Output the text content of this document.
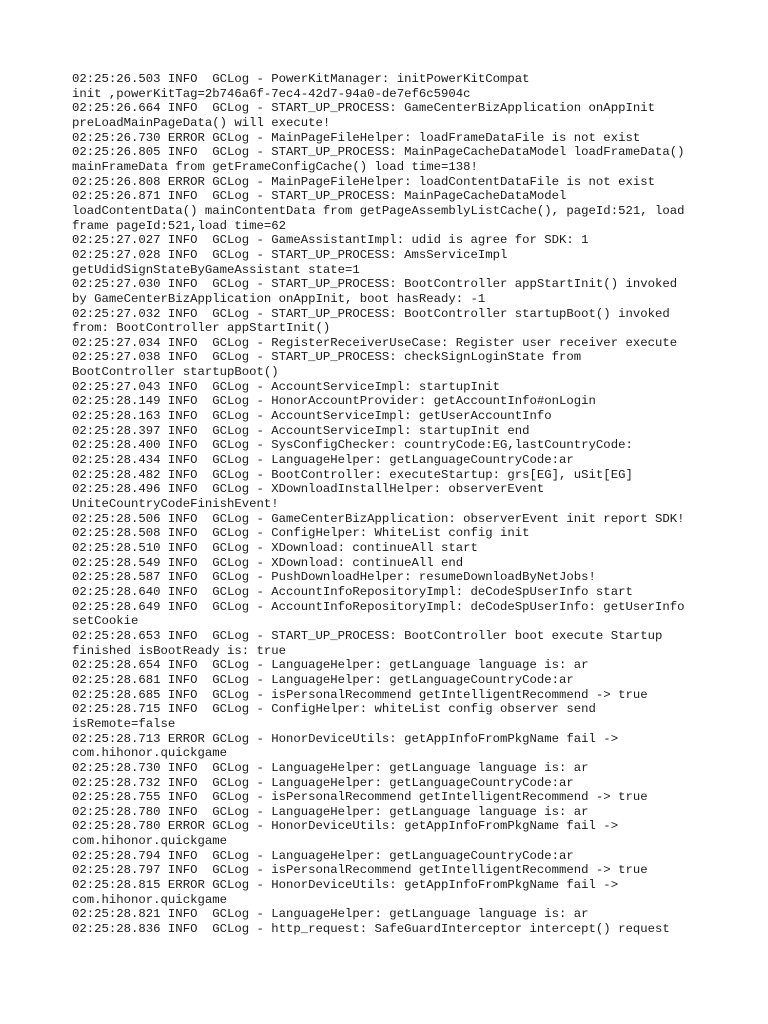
02:25:26.503 INFO  GCLog - PowerKitManager: initPowerKitCompat
init ,powerKitTag=2b746a6f-7ec4-42d7-94a0-de7ef6c5904c
02:25:26.664 INFO  GCLog - START_UP_PROCESS: GameCenterBizApplication onAppInit
preLoadMainPageData() will execute!
02:25:26.730 ERROR GCLog - MainPageFileHelper: loadFrameDataFile is not exist
02:25:26.805 INFO  GCLog - START_UP_PROCESS: MainPageCacheDataModel loadFrameData()
mainFrameData from getFrameConfigCache() load time=138!
02:25:26.808 ERROR GCLog - MainPageFileHelper: loadContentDataFile is not exist
02:25:26.871 INFO  GCLog - START_UP_PROCESS: MainPageCacheDataModel
loadContentData() mainContentData from getPageAssemblyListCache(), pageId:521, load
frame pageId:521,load time=62
02:25:27.027 INFO  GCLog - GameAssistantImpl: udid is agree for SDK: 1
02:25:27.028 INFO  GCLog - START_UP_PROCESS: AmsServiceImpl
getUdidSignStateByGameAssistant state=1
02:25:27.030 INFO  GCLog - START_UP_PROCESS: BootController appStartInit() invoked
by GameCenterBizApplication onAppInit, boot hasReady: -1
02:25:27.032 INFO  GCLog - START_UP_PROCESS: BootController startupBoot() invoked
from: BootController appStartInit()
02:25:27.034 INFO  GCLog - RegisterReceiverUseCase: Register user receiver execute
02:25:27.038 INFO  GCLog - START_UP_PROCESS: checkSignLoginState from
BootController startupBoot()
02:25:27.043 INFO  GCLog - AccountServiceImpl: startupInit
02:25:28.149 INFO  GCLog - HonorAccountProvider: getAccountInfo#onLogin
02:25:28.163 INFO  GCLog - AccountServiceImpl: getUserAccountInfo
02:25:28.397 INFO  GCLog - AccountServiceImpl: startupInit end
02:25:28.400 INFO  GCLog - SysConfigChecker: countryCode:EG,lastCountryCode:
02:25:28.434 INFO  GCLog - LanguageHelper: getLanguageCountryCode:ar
02:25:28.482 INFO  GCLog - BootController: executeStartup: grs[EG], uSit[EG]
02:25:28.496 INFO  GCLog - XDownloadInstallHelper: observerEvent
UniteCountryCodeFinishEvent!
02:25:28.506 INFO  GCLog - GameCenterBizApplication: observerEvent init report SDK!
02:25:28.508 INFO  GCLog - ConfigHelper: WhiteList config init
02:25:28.510 INFO  GCLog - XDownload: continueAll start
02:25:28.549 INFO  GCLog - XDownload: continueAll end
02:25:28.587 INFO  GCLog - PushDownloadHelper: resumeDownloadByNetJobs!
02:25:28.640 INFO  GCLog - AccountInfoRepositoryImpl: deCodeSpUserInfo start
02:25:28.649 INFO  GCLog - AccountInfoRepositoryImpl: deCodeSpUserInfo: getUserInfo
setCookie
02:25:28.653 INFO  GCLog - START_UP_PROCESS: BootController boot execute Startup
finished isBootReady is: true
02:25:28.654 INFO  GCLog - LanguageHelper: getLanguage language is: ar
02:25:28.681 INFO  GCLog - LanguageHelper: getLanguageCountryCode:ar
02:25:28.685 INFO  GCLog - isPersonalRecommend getIntelligentRecommend -> true
02:25:28.715 INFO  GCLog - ConfigHelper: whiteList config observer send
isRemote=false
02:25:28.713 ERROR GCLog - HonorDeviceUtils: getAppInfoFromPkgName fail ->
com.hihonor.quickgame
02:25:28.730 INFO  GCLog - LanguageHelper: getLanguage language is: ar
02:25:28.732 INFO  GCLog - LanguageHelper: getLanguageCountryCode:ar
02:25:28.755 INFO  GCLog - isPersonalRecommend getIntelligentRecommend -> true
02:25:28.780 INFO  GCLog - LanguageHelper: getLanguage language is: ar
02:25:28.780 ERROR GCLog - HonorDeviceUtils: getAppInfoFromPkgName fail ->
com.hihonor.quickgame
02:25:28.794 INFO  GCLog - LanguageHelper: getLanguageCountryCode:ar
02:25:28.797 INFO  GCLog - isPersonalRecommend getIntelligentRecommend -> true
02:25:28.815 ERROR GCLog - HonorDeviceUtils: getAppInfoFromPkgName fail ->
com.hihonor.quickgame
02:25:28.821 INFO  GCLog - LanguageHelper: getLanguage language is: ar
02:25:28.836 INFO  GCLog - http_request: SafeGuardInterceptor intercept() request
